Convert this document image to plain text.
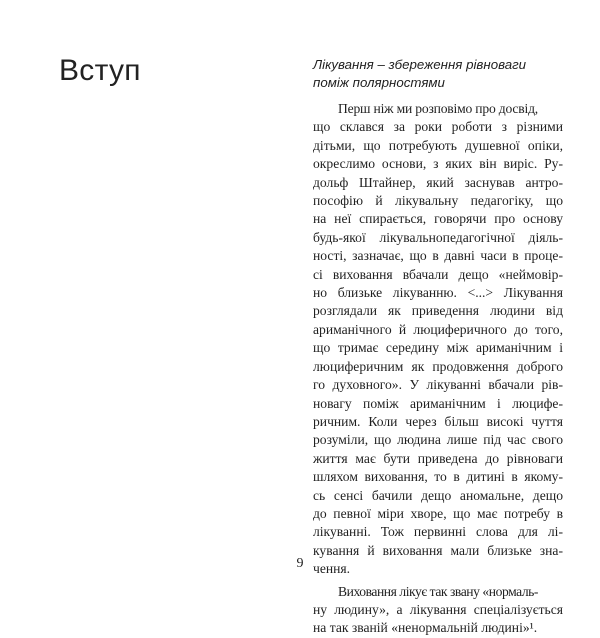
Вступ	Лікування – збереження рівноваги
поміж полярностями

Перш ніж ми розповімо про досвід,
що склався за роки роботи з різними
дітьми, що потребують душевної опіки,
окреслимо основи, з яких він виріс. Ру-
дольф Штайнер, який заснував антро-
пософію й лікувальну педагогіку, що
на неї спирається, говорячи про основу
будь-якої лікувальнопедагогічної діяль-
ності, зазначає, що в давні часи в проце-
сі виховання вбачали дещо «неймовір-
но близьке лікуванню. <...> Лікування
розглядали як приведення людини від
ариманічного й люциферичного до того,
що тримає середину між ариманічним і
люциферичним як продовження доброго
го духовного». У лікуванні вбачали рів-
новагу поміж ариманічним і люцифе-
ричним. Коли через більш високі чуття
розуміли, що людина лише під час свого
життя має бути приведена до рівноваги
шляхом виховання, то в дитині в якому-
сь сенсі бачили дещо аномальне, дещо
до певної міри хворе, що має потребу в
лікуванні. Тож первинні слова для лі-
кування й виховання мали близьке зна-
чення.

Виховання лікує так звану «нормаль-
ну людину», а лікування спеціалізується
на так званій «ненормальній людині»¹.

9
